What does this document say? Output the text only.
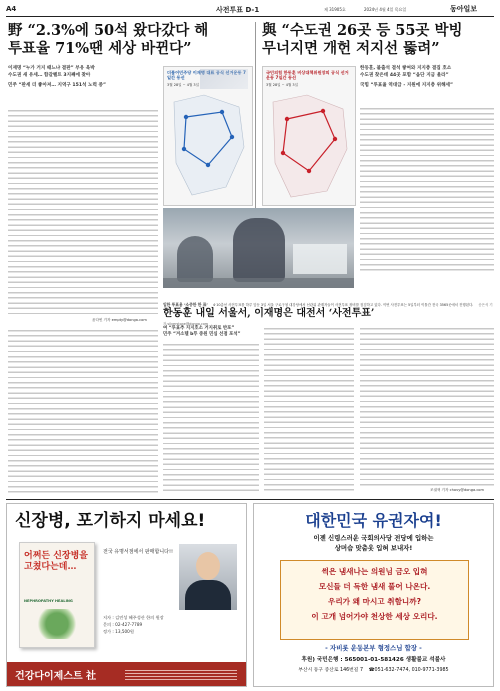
A4	사전투표 D-1	제 31905호	2024년 4월 4일 목요일	동아일보
野 “2.3%에 50석 왔다갔다 해
투표율 71%땐 세상 바뀐다”
이재명 “누가 거지 때느냐 결판” 부유 육박
수도권 새 유세… 함갈벨트 3지째에 찾아
민주 “판세 더 좋아져… 지역구 151석 노력 중”
윤다빈 기자 empty@donga.com
더불어민주당 이재명 대표 공식 선거운동 7일간 동선
3월 28일 ~ 4월 3일
與 “수도권 26곳 등 55곳 박빙
무너지면 개헌 저지선 뚫려”
국민의힘 한동훈 비상대책위원장의 공식 선거운동 7일간 동선
3월 28일 ~ 4월 3일
한동훈, 불출석 결석 쌓여와 지지층 결집 호소
수도권 찾은데 44곳 포함 “읍단 지금 울라”
국힘 “투표율 역대급 - 지원에 지지층 위해세”
입한 투표용 ‘소중한 한 표’ 4·10총선 사전투표를 하루 앞둔 3일 서울 구로구청 대강당에서 선관위 관계자들이 사전투표 장비를 점검하고 있다. 이번 사전투표는 5일부터 이틀간 전국 3565곳에서 진행된다. 송은석 기자 silverstone@donga.com
한동훈 내일 서울서, 이재명은 대전서 ‘사전투표’
여 “투표추 지지호소 거지취로 반포”
민주 “겨소텔 b푸 중원 민심 선점 포석”
조권혁 기자 chovy@donga.com
신장병, 포기하지 마세요!
어쩌든 신장병을 고쳤다는데…
NEPHROPATHY HEALING
전국 유명서점에서 판매합니다!!
저자 : 김민성 혜주성산 한의 원장
문의 : 02-427-7789
정가 : 13,500원
건강다이제스트 社
대한민국 유권자여!
이젠 신령스러운 국회의사당 전당에 입하는
상머슴 맞춤옷 입혀 보내자!
썩은 냄새나는 의원님 금오 입혀
모신들 더 독한 냄새 풀어 나온다.
우리가 왜 마시고 취함니까?
이 고개 넘어가야 천상한 세상 오리다.
- 자비롯 운동본부 형정스님 합장 -
후원) 국민은행 : 565001-01-581426 생활불교 석불사
부산시 동구 증산로 146번길 7 ☎051-632-7474, 010-9771-3985
